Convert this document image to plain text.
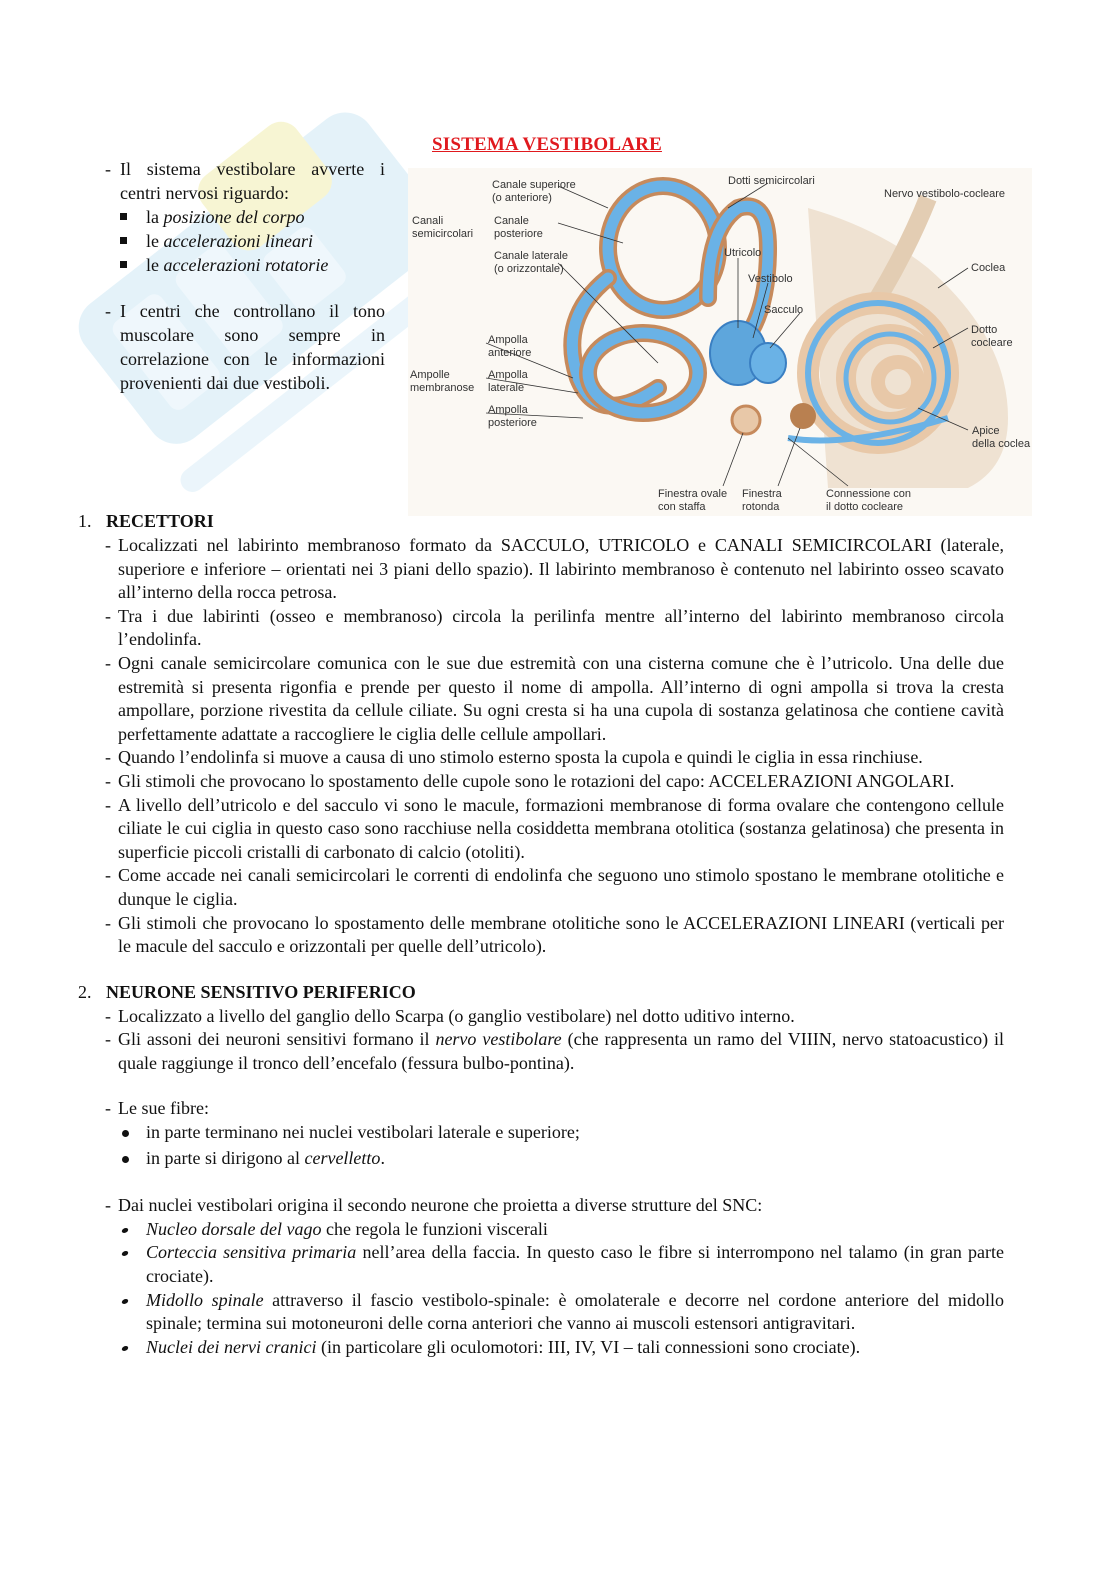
SISTEMA VESTIBOLARE
- Il sistema vestibolare avverte i centri nervosi riguardo:
la posizione del corpo
le accelerazioni lineari
le accelerazioni rotatorie
- I centri che controllano il tono muscolare sono sempre in correlazione con le informazioni provenienti dai due vestiboli.
Canale superiore
(o anteriore)
Canali
semicircolari
Canale
posteriore
Canale laterale
(o orizzontale)
Dotti semicircolari
Nervo vestibolo-cocleare
Utricolo
Vestibolo
Sacculo
Coclea
Dotto
cocleare
Ampolla
anteriore
Ampolle
membranose
Ampolla
laterale
Ampolla
posteriore
Apice
della coclea
Finestra ovale
con staffa
Finestra
rotonda
Connessione con
il dotto cocleare
1. RECETTORI
- Localizzati nel labirinto membranoso formato da SACCULO, UTRICOLO e CANALI SEMICIRCOLARI (laterale, superiore e inferiore – orientati nei 3 piani dello spazio). Il labirinto membranoso è contenuto nel labirinto osseo scavato all’interno della rocca petrosa.
- Tra i due labirinti (osseo e membranoso) circola la perilinfa mentre all’interno del labirinto membranoso circola l’endolinfa.
- Ogni canale semicircolare comunica con le sue due estremità con una cisterna comune che è l’utricolo. Una delle due estremità si presenta rigonfia e prende per questo il nome di ampolla. All’interno di ogni ampolla si trova la cresta ampollare, porzione rivestita da cellule ciliate. Su ogni cresta si ha una cupola di sostanza gelatinosa che contiene cavità perfettamente adattate a raccogliere le ciglia delle cellule ampollari.
- Quando l’endolinfa si muove a causa di uno stimolo esterno sposta la cupola e quindi le ciglia in essa rinchiuse.
- Gli stimoli che provocano lo spostamento delle cupole sono le rotazioni del capo: ACCELERAZIONI ANGOLARI.
- A livello dell’utricolo e del sacculo vi sono le macule, formazioni membranose di forma ovalare che contengono cellule ciliate le cui ciglia in questo caso sono racchiuse nella cosiddetta membrana otolitica (sostanza gelatinosa) che presenta in superficie piccoli cristalli di carbonato di calcio (otoliti).
- Come accade nei canali semicircolari le correnti di endolinfa che seguono uno stimolo spostano le membrane otolitiche e dunque le ciglia.
- Gli stimoli che provocano lo spostamento delle membrane otolitiche sono le ACCELERAZIONI LINEARI (verticali per le macule del sacculo e orizzontali per quelle dell’utricolo).
2. NEURONE SENSITIVO PERIFERICO
- Localizzato a livello del ganglio dello Scarpa (o ganglio vestibolare) nel dotto uditivo interno.
- Gli assoni dei neuroni sensitivi formano il nervo vestibolare (che rappresenta un ramo del VIIIN, nervo statoacustico) il quale raggiunge il tronco dell’encefalo (fessura bulbo-pontina).
- Le sue fibre:
in parte terminano nei nuclei vestibolari laterale e superiore;
in parte si dirigono al cervelletto.
- Dai nuclei vestibolari origina il secondo neurone che proietta a diverse strutture del SNC:
Nucleo dorsale del vago che regola le funzioni viscerali
Corteccia sensitiva primaria nell’area della faccia. In questo caso le fibre si interrompono nel talamo (in gran parte crociate).
Midollo spinale attraverso il fascio vestibolo-spinale: è omolaterale e decorre nel cordone anteriore del midollo spinale; termina sui motoneuroni delle corna anteriori che vanno ai muscoli estensori antigravitari.
Nuclei dei nervi cranici (in particolare gli oculomotori: III, IV, VI – tali connessioni sono crociate).
